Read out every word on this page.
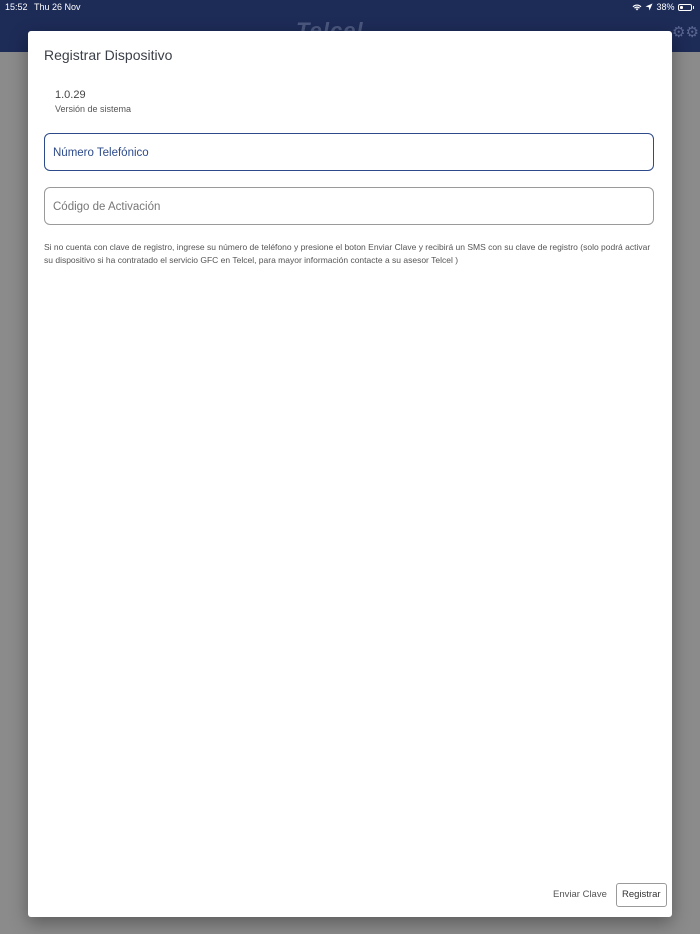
15:52 Thu 26 Nov	38%
⚙⚙
Registrar Dispositivo
1.0.29
Versión de sistema
Número Telefónico
Código de Activación
Si no cuenta con clave de registro, ingrese su número de teléfono y presione el boton Enviar Clave y recibirá un SMS con su clave de registro (solo podrá activar su dispositivo si ha contratado el servicio GFC en Telcel, para mayor información contacte a su asesor Telcel )
Enviar Clave	Registrar
